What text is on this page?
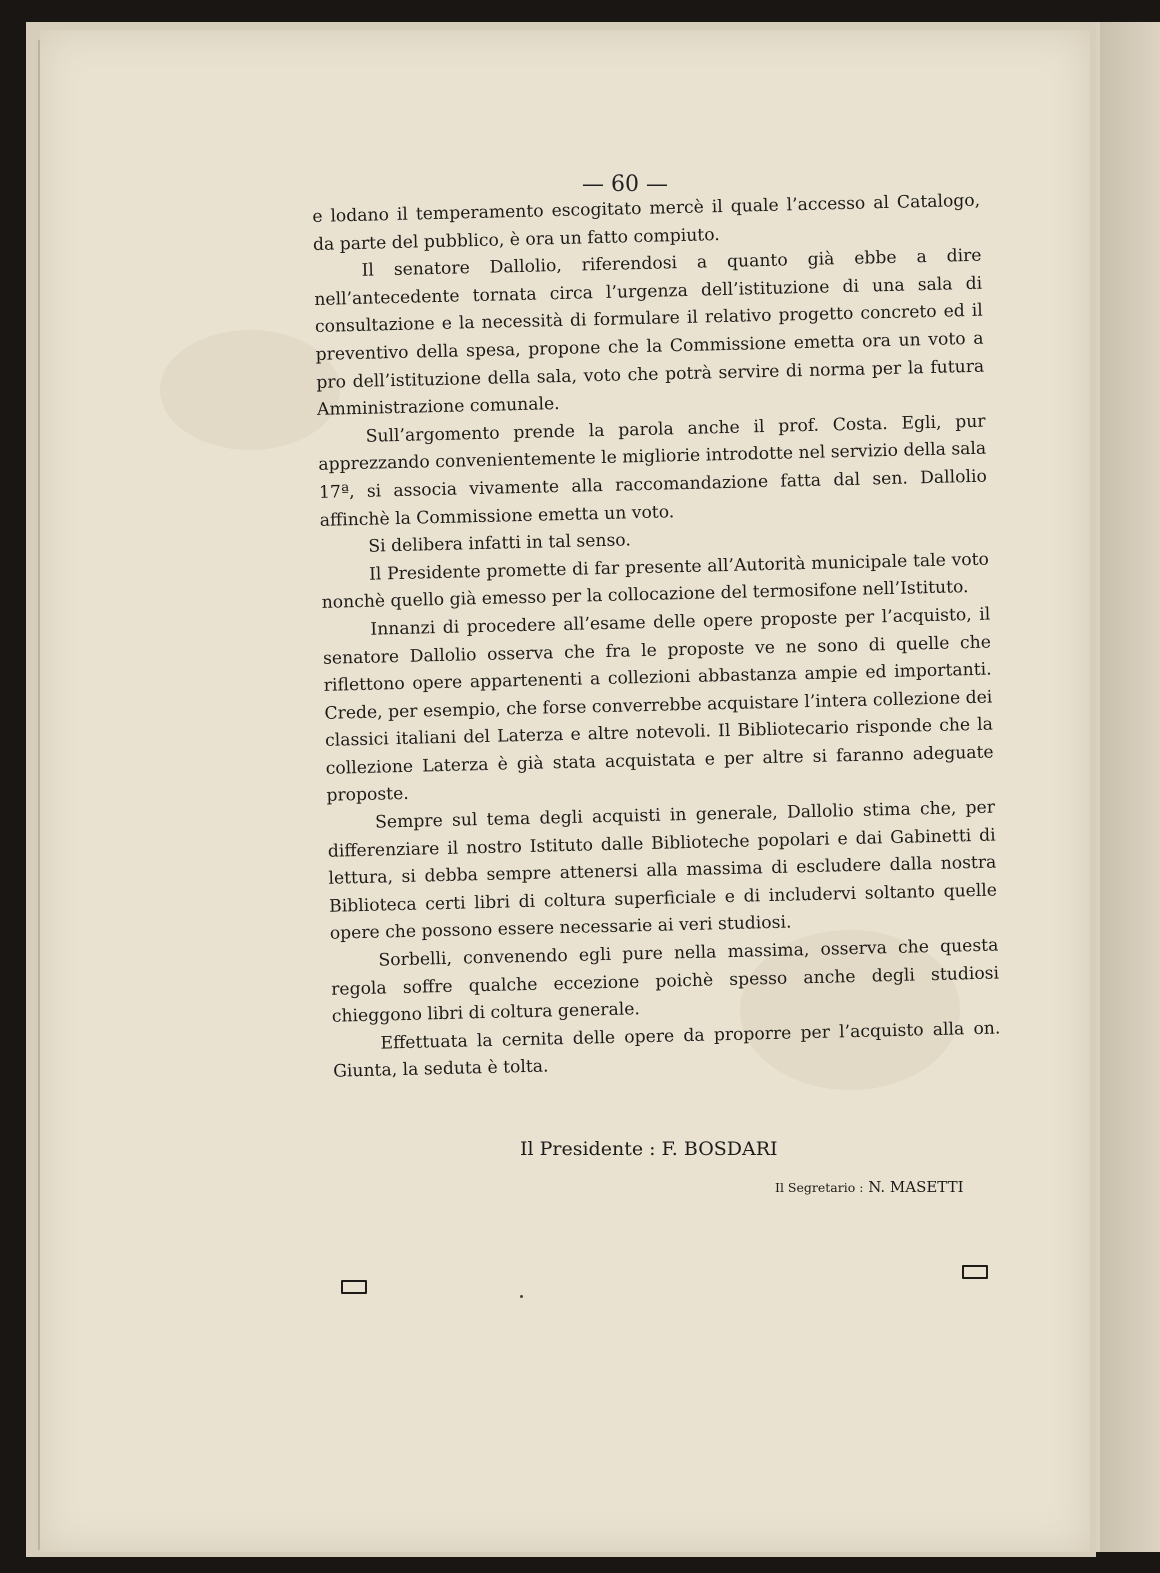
— 60 —

e lodano il temperamento escogitato mercè il quale l’accesso al Catalogo, da parte del pubblico, è ora un fatto compiuto.

Il senatore Dallolio, riferendosi a quanto già ebbe a dire nell’antecedente tornata circa l’urgenza dell’istituzione di una sala di consultazione e la necessità di formulare il relativo progetto concreto ed il preventivo della spesa, propone che la Commissione emetta ora un voto a pro dell’istituzione della sala, voto che potrà servire di norma per la futura Amministrazione comunale.

Sull’argomento prende la parola anche il prof. Costa. Egli, pur apprezzando convenientemente le migliorie introdotte nel servizio della sala 17ª, si associa vivamente alla raccomandazione fatta dal sen. Dallolio affinchè la Commissione emetta un voto.

Si delibera infatti in tal senso.

Il Presidente promette di far presente all’Autorità municipale tale voto nonchè quello già emesso per la collocazione del termosifone nell’Istituto.

Innanzi di procedere all’esame delle opere proposte per l’acquisto, il senatore Dallolio osserva che fra le proposte ve ne sono di quelle che riflettono opere appartenenti a collezioni abbastanza ampie ed importanti. Crede, per esempio, che forse converrebbe acquistare l’intera collezione dei classici italiani del Laterza e altre notevoli. Il Bibliotecario risponde che la collezione Laterza è già stata acquistata e per altre si faranno adeguate proposte.

Sempre sul tema degli acquisti in generale, Dallolio stima che, per differenziare il nostro Istituto dalle Biblioteche popolari e dai Gabinetti di lettura, si debba sempre attenersi alla massima di escludere dalla nostra Biblioteca certi libri di coltura superficiale e di includervi soltanto quelle opere che possono essere necessarie ai veri studiosi.

Sorbelli, convenendo egli pure nella massima, osserva che questa regola soffre qualche eccezione poichè spesso anche degli studiosi chieggono libri di coltura generale.

Effettuata la cernita delle opere da proporre per l’acquisto alla on. Giunta, la seduta è tolta.

Il Presidente : F. BOSDARI
Il Segretario : N. MASETTI
